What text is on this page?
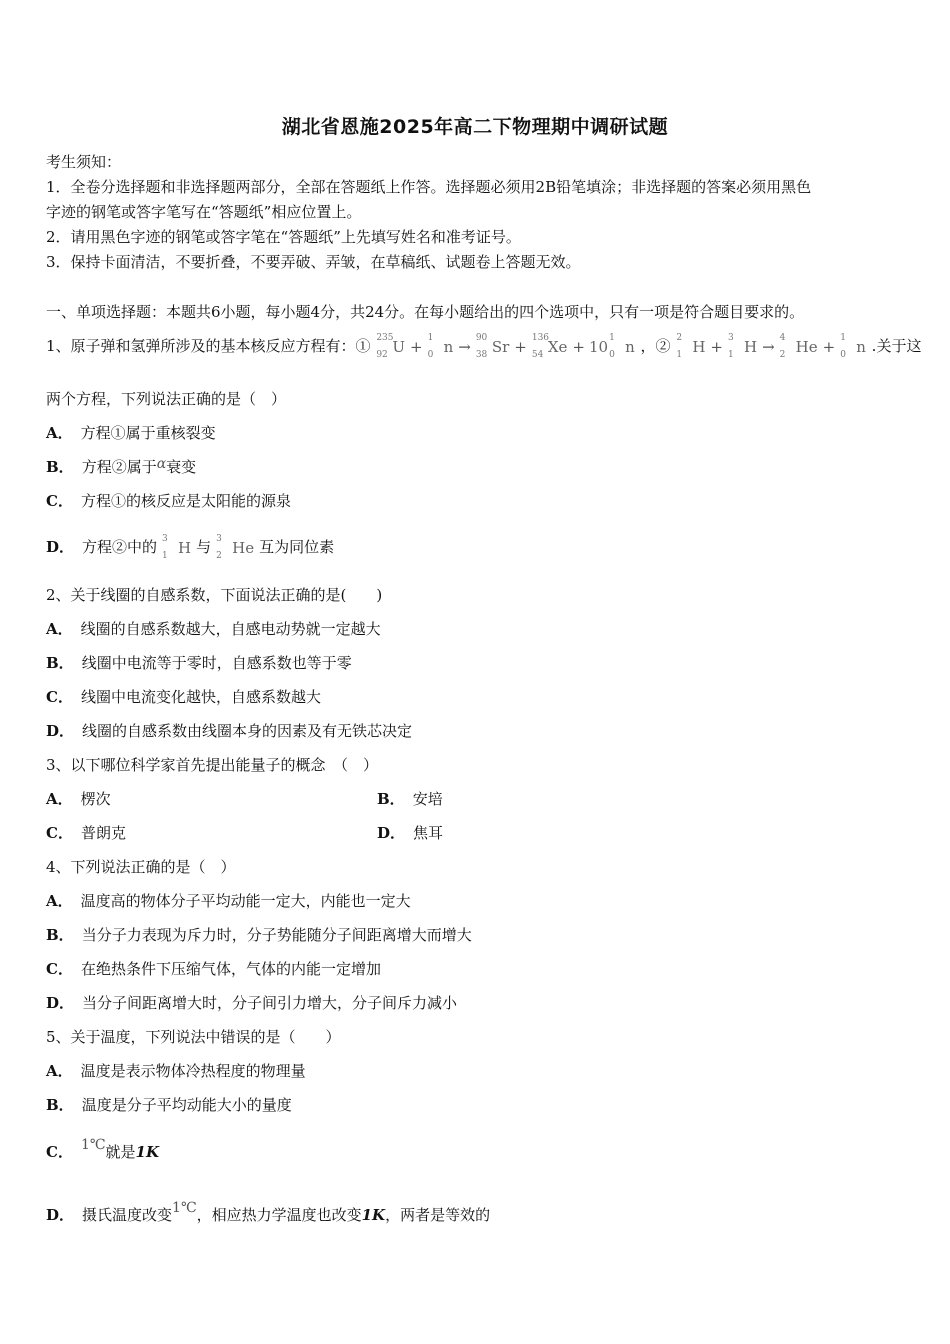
湖北省恩施2025年高二下物理期中调研试题
考生须知：
1．全卷分选择题和非选择题两部分，全部在答题纸上作答。选择题必须用2B铅笔填涂；非选择题的答案必须用黑色
字迹的钢笔或答字笔写在“答题纸”相应位置上。
2．请用黑色字迹的钢笔或答字笔在“答题纸”上先填写姓名和准考证号。
3．保持卡面清洁，不要折叠，不要弄破、弄皱，在草稿纸、试题卷上答题无效。
一、单项选择题：本题共6小题，每小题4分，共24分。在每小题给出的四个选项中，只有一项是符合题目要求的。
1、原子弹和氢弹所涉及的基本核反应方程有：① 235
92 U + 1
0 n → 90
38 Sr + 136
54 Xe + 10 1
0 n ，② 2
1 H + 3
1 H → 4
2 He + 1
0 n .关于这
两个方程，下列说法正确的是（　）
A． 方程①属于重核裂变
B． 方程②属于α衰变
C． 方程①的核反应是太阳能的源泉
D． 方程②中的 3
1 H 与 3
2 He 互为同位素
2、关于线圈的自感系数，下面说法正确的是(　　)
A． 线圈的自感系数越大，自感电动势就一定越大
B． 线圈中电流等于零时，自感系数也等于零
C． 线圈中电流变化越快，自感系数越大
D． 线圈的自感系数由线圈本身的因素及有无铁芯决定
3、以下哪位科学家首先提出能量子的概念　（　）
A． 楞次	B． 安培
C． 普朗克	D． 焦耳
4、下列说法正确的是（　）
A． 温度高的物体分子平均动能一定大，内能也一定大
B． 当分子力表现为斥力时，分子势能随分子间距离增大而增大
C． 在绝热条件下压缩气体，气体的内能一定增加
D． 当分子间距离增大时，分子间引力增大，分子间斥力减小
5、关于温度，下列说法中错误的是（　　）
A． 温度是表示物体冷热程度的物理量
B． 温度是分子平均动能大小的量度
C． 1℃就是1K
D． 摄氏温度改变1℃，相应热力学温度也改变1K，两者是等效的
